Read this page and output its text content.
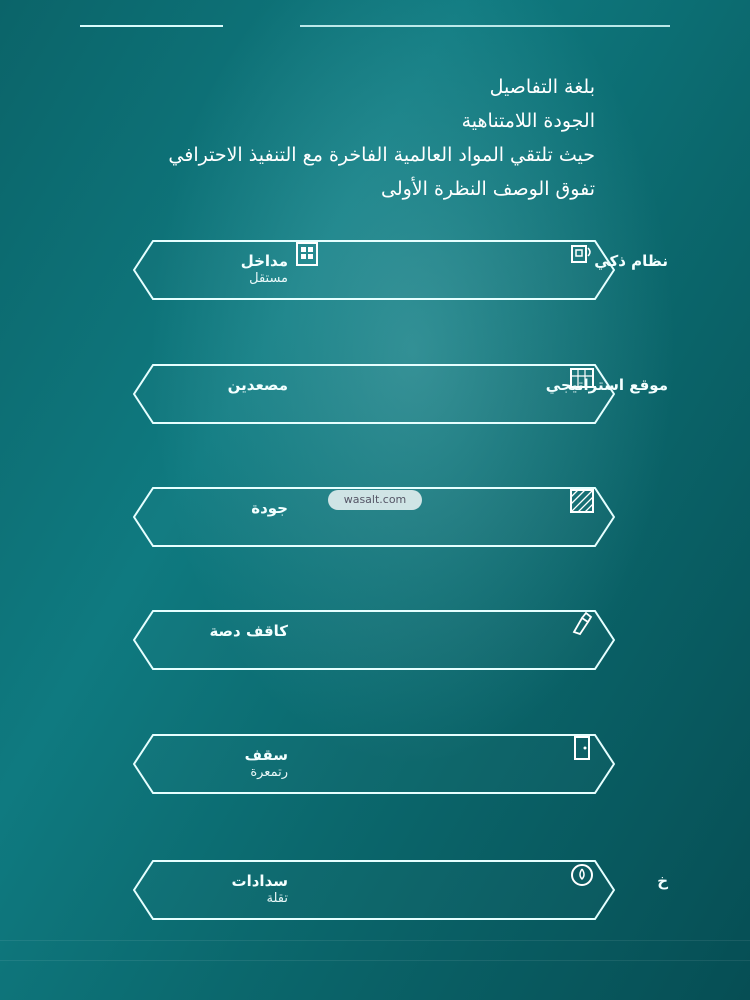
بلغة التفاصيل

الجودة اللامتناهية

حيث تلتقي المواد العالمية الفاخرة مع التنفيذ الاحترافي

تفوق الوصف النظرة الأولى

نظام ذكي
مداخل
مستقل
موقع استراتيجي
مصعدين
جودة
كاقف دصة
سقف
رتمعرة
خ
سدادات
تقلة
wasalt.com
